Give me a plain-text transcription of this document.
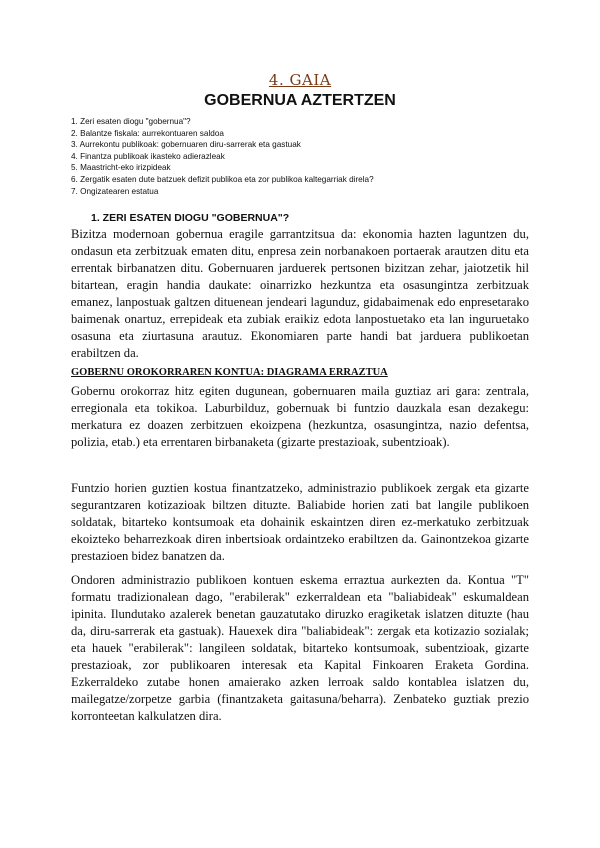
4. GAIA
GOBERNUA AZTERTZEN
1. Zeri esaten diogu "gobernua"?
2. Balantze fiskala: aurrekontuaren saldoa
3. Aurrekontu publikoak: gobernuaren diru-sarrerak eta gastuak
4. Finantza publikoak ikasteko adierazleak
5. Maastricht-eko irizpideak
6. Zergatik esaten dute batzuek defizit publikoa eta zor publikoa kaltegarriak direla?
7. Ongizatearen estatua
1. ZERI ESATEN DIOGU "GOBERNUA"?

Bizitza modernoan gobernua eragile garrantzitsua da: ekonomia hazten laguntzen du, ondasun eta zerbitzuak ematen ditu, enpresa zein norbanakoen portaerak arautzen ditu eta errentak birbanatzen ditu. Gobernuaren jarduerek pertsonen bizitzan zehar, jaiotzetik hil bitartean, eragin handia daukate: oinarrizko hezkuntza eta osasungintza zerbitzuak emanez, lanpostuak galtzen dituenean jendeari lagunduz, gidabaimenak edo enpresetarako baimenak onartuz, errepideak eta zubiak eraikiz edota lanpostuetako eta lan inguruetako osasuna eta ziurtasuna arautuz. Ekonomiaren parte handi bat jarduera publikoetan erabiltzen da.

GOBERNU OROKORRAREN KONTUA: DIAGRAMA ERRAZTUA

Gobernu orokorraz hitz egiten dugunean, gobernuaren maila guztiaz ari gara: zentrala, erregionala eta tokikoa. Laburbilduz, gobernuak bi funtzio dauzkala esan dezakegu: merkatura ez doazen zerbitzuen ekoizpena (hezkuntza, osasungintza, nazio defentsa, polizia, etab.) eta errentaren birbanaketa (gizarte prestazioak, subentzioak).

Funtzio horien guztien kostua finantzatzeko, administrazio publikoek zergak eta gizarte segurantzaren kotizazioak biltzen dituzte. Baliabide horien zati bat langile publikoen soldatak, bitarteko kontsumoak eta dohainik eskaintzen diren ez-merkatuko zerbitzuak ekoizteko beharrezkoak diren inbertsioak ordaintzeko erabiltzen da. Gainontzekoa gizarte prestazioen bidez banatzen da.

Ondoren administrazio publikoen kontuen eskema erraztua aurkezten da. Kontua "T" formatu tradizionalean dago, "erabilerak" ezkerraldean eta "baliabideak" eskumaldean ipinita. Ilundutako azalerek benetan gauzatutako diruzko eragiketak islatzen dituzte (hau da, diru-sarrerak eta gastuak). Hauexek dira "baliabideak": zergak eta kotizazio sozialak; eta hauek "erabilerak": langileen soldatak, bitarteko kontsumoak, subentzioak, gizarte prestazioak, zor publikoaren interesak eta Kapital Finkoaren Eraketa Gordina. Ezkerraldeko zutabe honen amaierako azken lerroak saldo kontablea islatzen du, mailegatze/zorpetze garbia (finantzaketa gaitasuna/beharra). Zenbateko guztiak prezio korronteetan kalkulatzen dira.
